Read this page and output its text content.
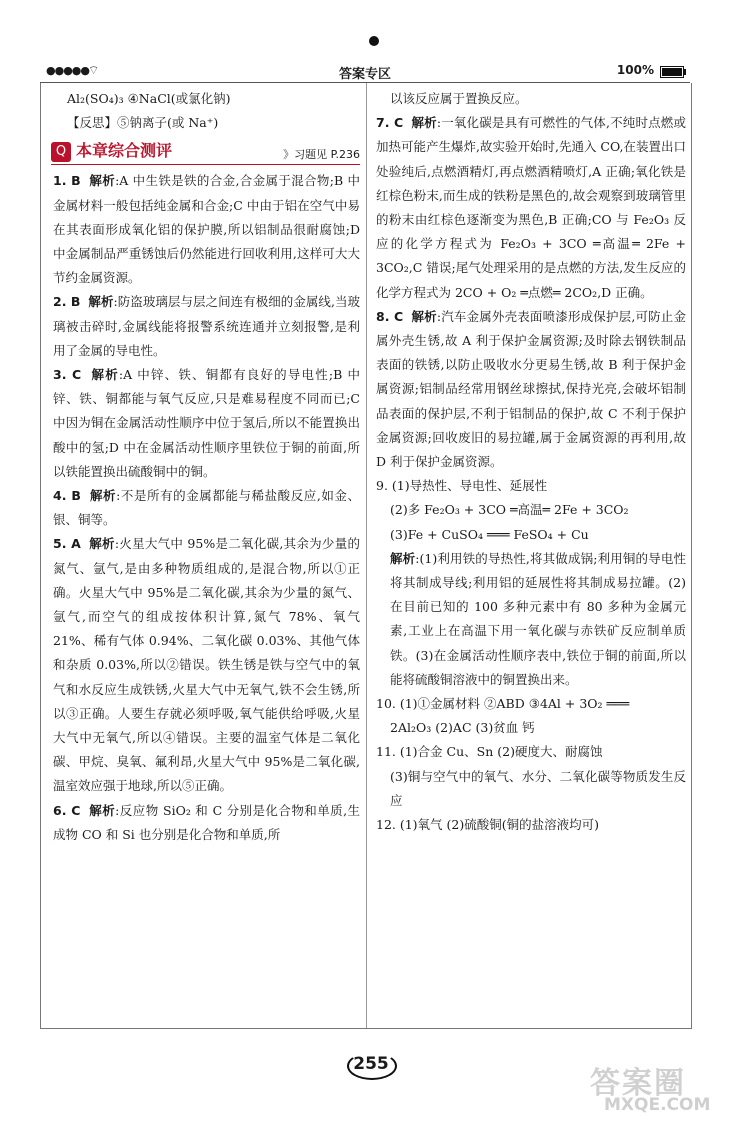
●●●●● ⌔	答案专区	100%

Al₂(SO₄)₃ ④NaCl(或氯化钠)

【反思】⑤钠离子(或 Na⁺)

Q 本章综合测评	》习题见 P.236

1. B 解析:A 中生铁是铁的合金,合金属于混合物;B 中金属材料一般包括纯金属和合金;C 中由于铝在空气中易在其表面形成氧化铝的保护膜,所以铝制品很耐腐蚀;D 中金属制品严重锈蚀后仍然能进行回收利用,这样可大大节约金属资源。

2. B 解析:防盗玻璃层与层之间连有极细的金属线,当玻璃被击碎时,金属线能将报警系统连通并立刻报警,是利用了金属的导电性。

3. C 解析:A 中锌、铁、铜都有良好的导电性;B 中锌、铁、铜都能与氧气反应,只是难易程度不同而已;C 中因为铜在金属活动性顺序中位于氢后,所以不能置换出酸中的氢;D 中在金属活动性顺序里铁位于铜的前面,所以铁能置换出硫酸铜中的铜。

4. B 解析:不是所有的金属都能与稀盐酸反应,如金、银、铜等。

5. A 解析:火星大气中 95%是二氧化碳,其余为少量的氮气、氩气,是由多种物质组成的,是混合物,所以①正确。火星大气中 95%是二氧化碳,其余为少量的氮气、氩气,而空气的组成按体积计算,氮气 78%、氧气 21%、稀有气体 0.94%、二氧化碳 0.03%、其他气体和杂质 0.03%,所以②错误。铁生锈是铁与空气中的氧气和水反应生成铁锈,火星大气中无氧气,铁不会生锈,所以③正确。人要生存就必须呼吸,氧气能供给呼吸,火星大气中无氧气,所以④错误。主要的温室气体是二氧化碳、甲烷、臭氧、氟利昂,火星大气中 95%是二氧化碳,温室效应强于地球,所以⑤正确。

6. C 解析:反应物 SiO₂ 和 C 分别是化合物和单质,生成物 CO 和 Si 也分别是化合物和单质,所

以该反应属于置换反应。

7. C 解析:一氧化碳是具有可燃性的气体,不纯时点燃或加热可能产生爆炸,故实验开始时,先通入 CO,在装置出口处验纯后,点燃酒精灯,再点燃酒精喷灯,A 正确;氧化铁是红棕色粉末,而生成的铁粉是黑色的,故会观察到玻璃管里的粉末由红棕色逐渐变为黑色,B 正确;CO 与 Fe₂O₃ 反应的化学方程式为 Fe₂O₃ + 3CO ═高温═ 2Fe + 3CO₂,C 错误;尾气处理采用的是点燃的方法,发生反应的化学方程式为 2CO + O₂ ═点燃═ 2CO₂,D 正确。

8. C 解析:汽车金属外壳表面喷漆形成保护层,可防止金属外壳生锈,故 A 利于保护金属资源;及时除去钢铁制品表面的铁锈,以防止吸收水分更易生锈,故 B 利于保护金属资源;铝制品经常用钢丝球擦拭,保持光亮,会破坏铝制品表面的保护层,不利于铝制品的保护,故 C 不利于保护金属资源;回收废旧的易拉罐,属于金属资源的再利用,故 D 利于保护金属资源。

9. (1)导热性、导电性、延展性

(2)多 Fe₂O₃ + 3CO ═高温═ 2Fe + 3CO₂

(3)Fe + CuSO₄ ═══ FeSO₄ + Cu

解析:(1)利用铁的导热性,将其做成锅;利用铜的导电性将其制成导线;利用铝的延展性将其制成易拉罐。(2)在目前已知的 100 多种元素中有 80 多种为金属元素,工业上在高温下用一氧化碳与赤铁矿反应制单质铁。(3)在金属活动性顺序表中,铁位于铜的前面,所以能将硫酸铜溶液中的铜置换出来。

10. (1)①金属材料 ②ABD ③4Al + 3O₂ ═══

2Al₂O₃ (2)AC (3)贫血 钙

11. (1)合金 Cu、Sn (2)硬度大、耐腐蚀

(3)铜与空气中的氧气、水分、二氧化碳等物质发生反应

12. (1)氧气 (2)硫酸铜(铜的盐溶液均可)

255
答案圈
MXQE.COM
